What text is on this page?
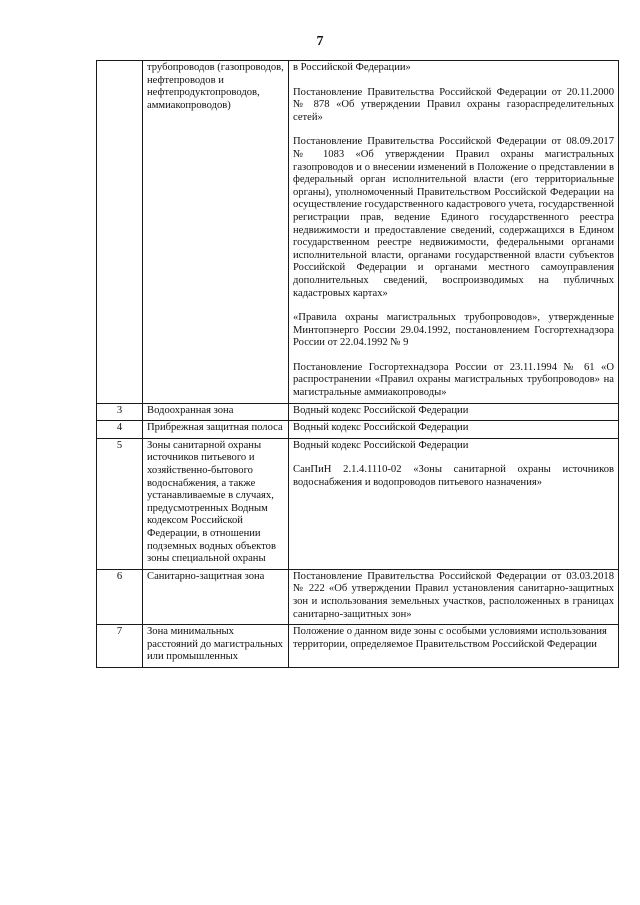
7
	трубопроводов (газопроводов, нефтепроводов и нефтепродуктопроводов, аммиакопроводов)	в Российской Федерации»
Постановление Правительства Российской Федерации от 20.11.2000 № 878 «Об утверждении Правил охраны газораспределительных сетей»
Постановление Правительства Российской Федерации от 08.09.2017 № 1083 «Об утверждении Правил охраны магистральных газопроводов и о внесении изменений в Положение о представлении в федеральный орган исполнительной власти (его территориальные органы), уполномоченный Правительством Российской Федерации на осуществление государственного кадастрового учета, государственной регистрации прав, ведение Единого государственного реестра недвижимости и предоставление сведений, содержащихся в Едином государственном реестре недвижимости, федеральными органами исполнительной власти, органами государственной власти субъектов Российской Федерации и органами местного самоуправления дополнительных сведений, воспроизводимых на публичных кадастровых картах»
«Правила охраны магистральных трубопроводов», утвержденные Минтопэнерго России 29.04.1992, постановлением Госгортехнадзора России от 22.04.1992 № 9
Постановление Госгортехнадзора России от 23.11.1994 № 61 «О распространении «Правил охраны магистральных трубопроводов» на магистральные аммиакопроводы»

3	Водоохранная зона	Водный кодекс Российской Федерации

4	Прибрежная защитная полоса	Водный кодекс Российской Федерации

5	Зоны санитарной охраны источников питьевого и хозяйственно-бытового водоснабжения, а также устанавливаемые в случаях, предусмотренных Водным кодексом Российской Федерации, в отношении подземных водных объектов зоны специальной охраны	Водный кодекс Российской Федерации
СанПиН 2.1.4.1110-02 «Зоны санитарной охраны источников водоснабжения и водопроводов питьевого назначения»

6	Санитарно-защитная зона	Постановление Правительства Российской Федерации от 03.03.2018 № 222 «Об утверждении Правил установления санитарно-защитных зон и использования земельных участков, расположенных в границах санитарно-защитных зон»

7	Зона минимальных расстояний до магистральных или промышленных	Положение о данном виде зоны с особыми условиями использования территории, определяемое Правительством Российской Федерации
